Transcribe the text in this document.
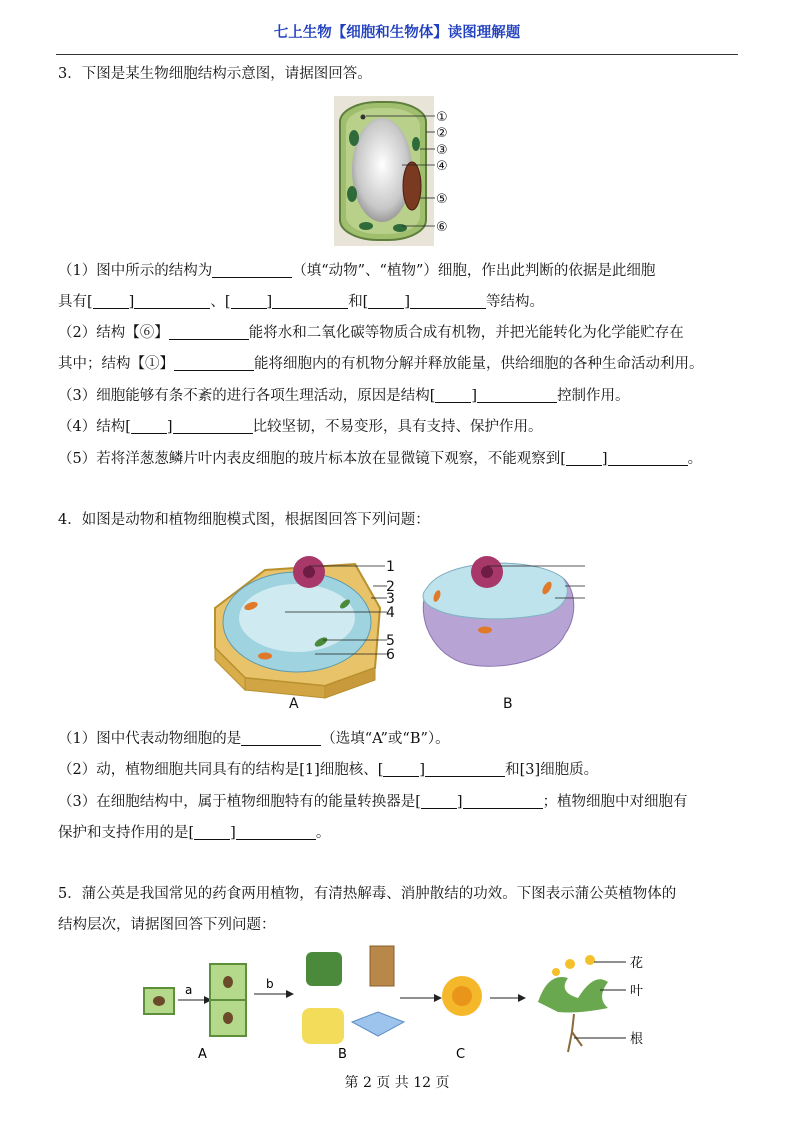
七上生物【细胞和生物体】读图理解题
3．下图是某生物细胞结构示意图，请据图回答。
①
②
③
④
⑤
⑥
（1）图中所示的结构为	（填“动物”、“植物”）细胞，作出此判断的依据是此细胞
具有[ ]	、[ ]	和[ ]	等结构。
（2）结构【⑥】	能将水和二氧化碳等物质合成有机物，并把光能转化为化学能贮存在
其中；结构【①】	能将细胞内的有机物分解并释放能量，供给细胞的各种生命活动利用。
（3）细胞能够有条不紊的进行各项生理活动，原因是结构[ ]	控制作用。
（4）结构[ ]	比较坚韧，不易变形，具有支持、保护作用。
（5）若将洋葱葱鳞片叶内表皮细胞的玻片标本放在显微镜下观察，不能观察到[ ]	。
4．如图是动物和植物细胞模式图，根据图回答下列问题：
1
2
3
4
5
6
A	B
（1）图中代表动物细胞的是	（选填“A”或“B”）。
（2）动，植物细胞共同具有的结构是[1]细胞核、[ ]	和[3]细胞质。
（3）在细胞结构中，属于植物细胞特有的能量转换器是[ ]	；植物细胞中对细胞有
保护和支持作用的是[ ]	。
5．蒲公英是我国常见的药食两用植物，有清热解毒、消肿散结的功效。下图表示蒲公英植物体的
结构层次，请据图回答下列问题：
a	b
A	B	C
花
叶
根
第 2 页 共 12 页
